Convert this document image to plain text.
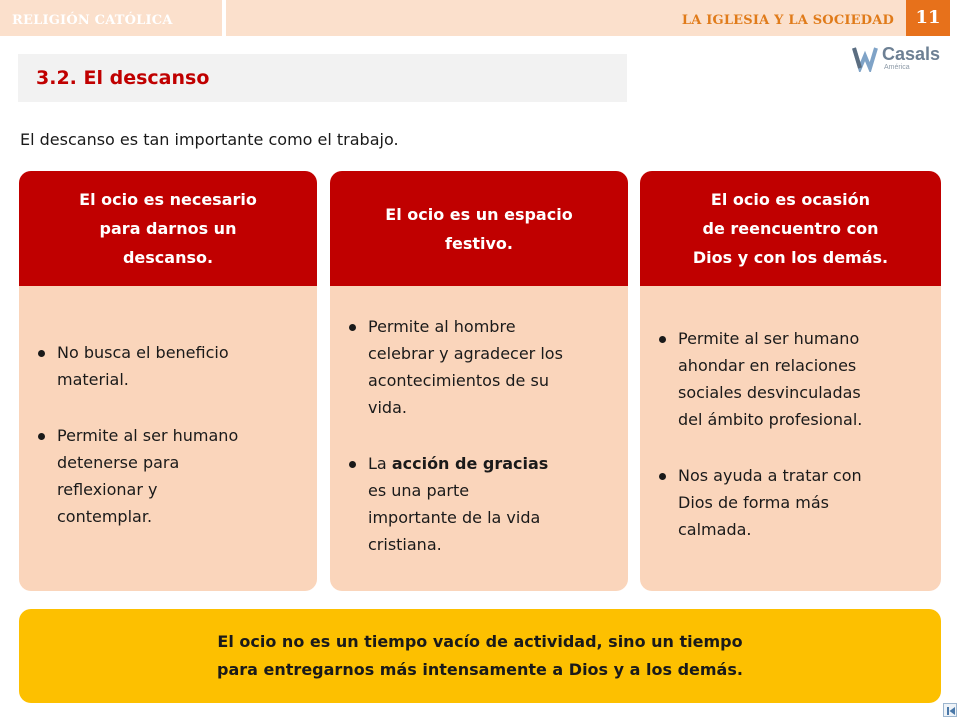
RELIGIÓN CATÓLICA	LA IGLESIA Y LA SOCIEDAD	11
Casals
América
3.2. El descanso
El descanso es tan importante como el trabajo.
El ocio es necesario
para darnos un
descanso.
No busca el beneficio
material.
Permite al ser humano
detenerse para
reflexionar y
contemplar.
El ocio es un espacio
festivo.
Permite al hombre
celebrar y agradecer los
acontecimientos de su
vida.
La acción de gracias
es una parte
importante de la vida
cristiana.
El ocio es ocasión
de reencuentro con
Dios y con los demás.
Permite al ser humano
ahondar en relaciones
sociales desvinculadas
del ámbito profesional.
Nos ayuda a tratar con
Dios de forma más
calmada.
El ocio no es un tiempo vacío de actividad, sino un tiempo
para entregarnos más intensamente a Dios y a los demás.
